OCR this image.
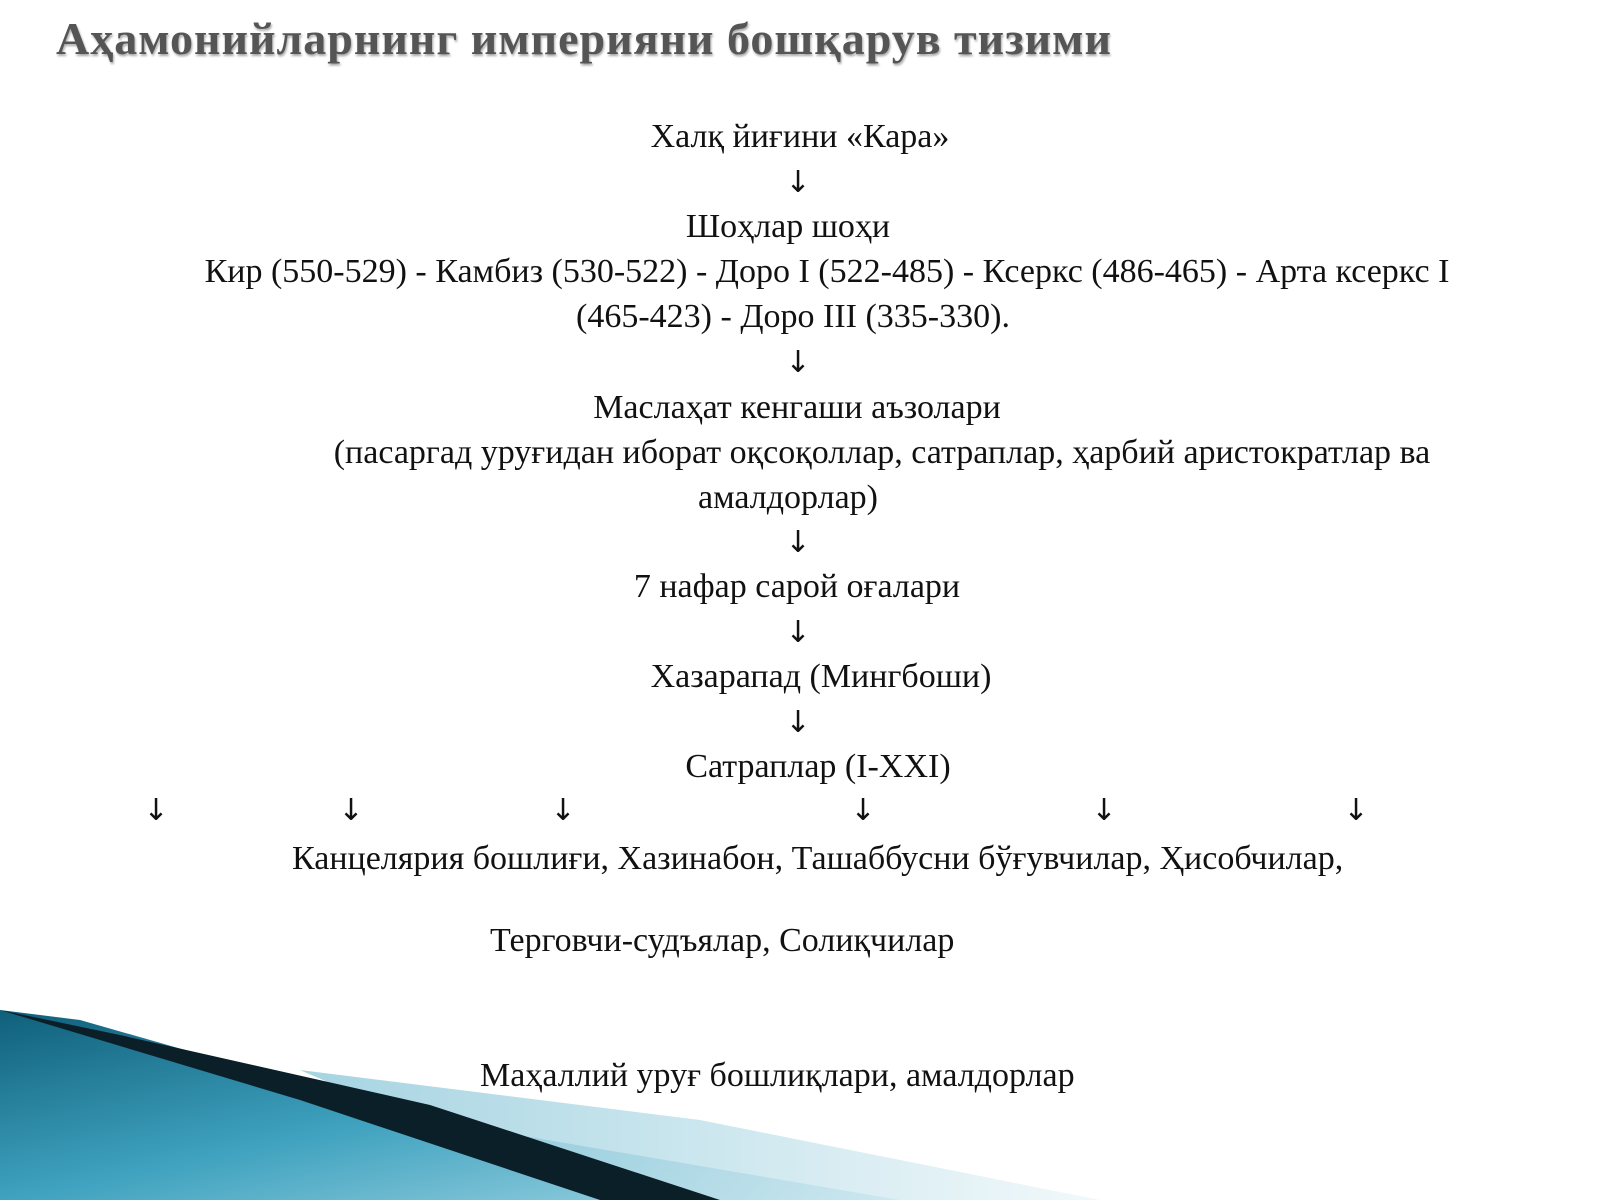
Аҳамонийларнинг империяни бошқарув тизими
Халқ йиғини «Кара»
↓
Шоҳлар шоҳи
Кир (550-529) - Камбиз (530-522) - Доро I (522-485) - Ксеркс (486-465) - Арта ксеркс I
(465-423) - Доро III (335-330).
↓
Маслаҳат кенгаши аъзолари
(пасаргад уруғидан иборат оқсоқоллар, сатраплар, ҳарбий аристократлар ва
амалдорлар)
↓
7 нафар сарой оғалари
↓
Хазарапад (Мингбоши)
↓
Сатраплар (I-XXI)
↓	↓	↓	↓	↓	↓
Канцелярия бошлиғи, Хазинабон, Ташаббусни бўғувчилар, Ҳисобчилар,
Терговчи-судъялар, Солиқчилар
Маҳаллий уруғ бошлиқлари, амалдорлар
